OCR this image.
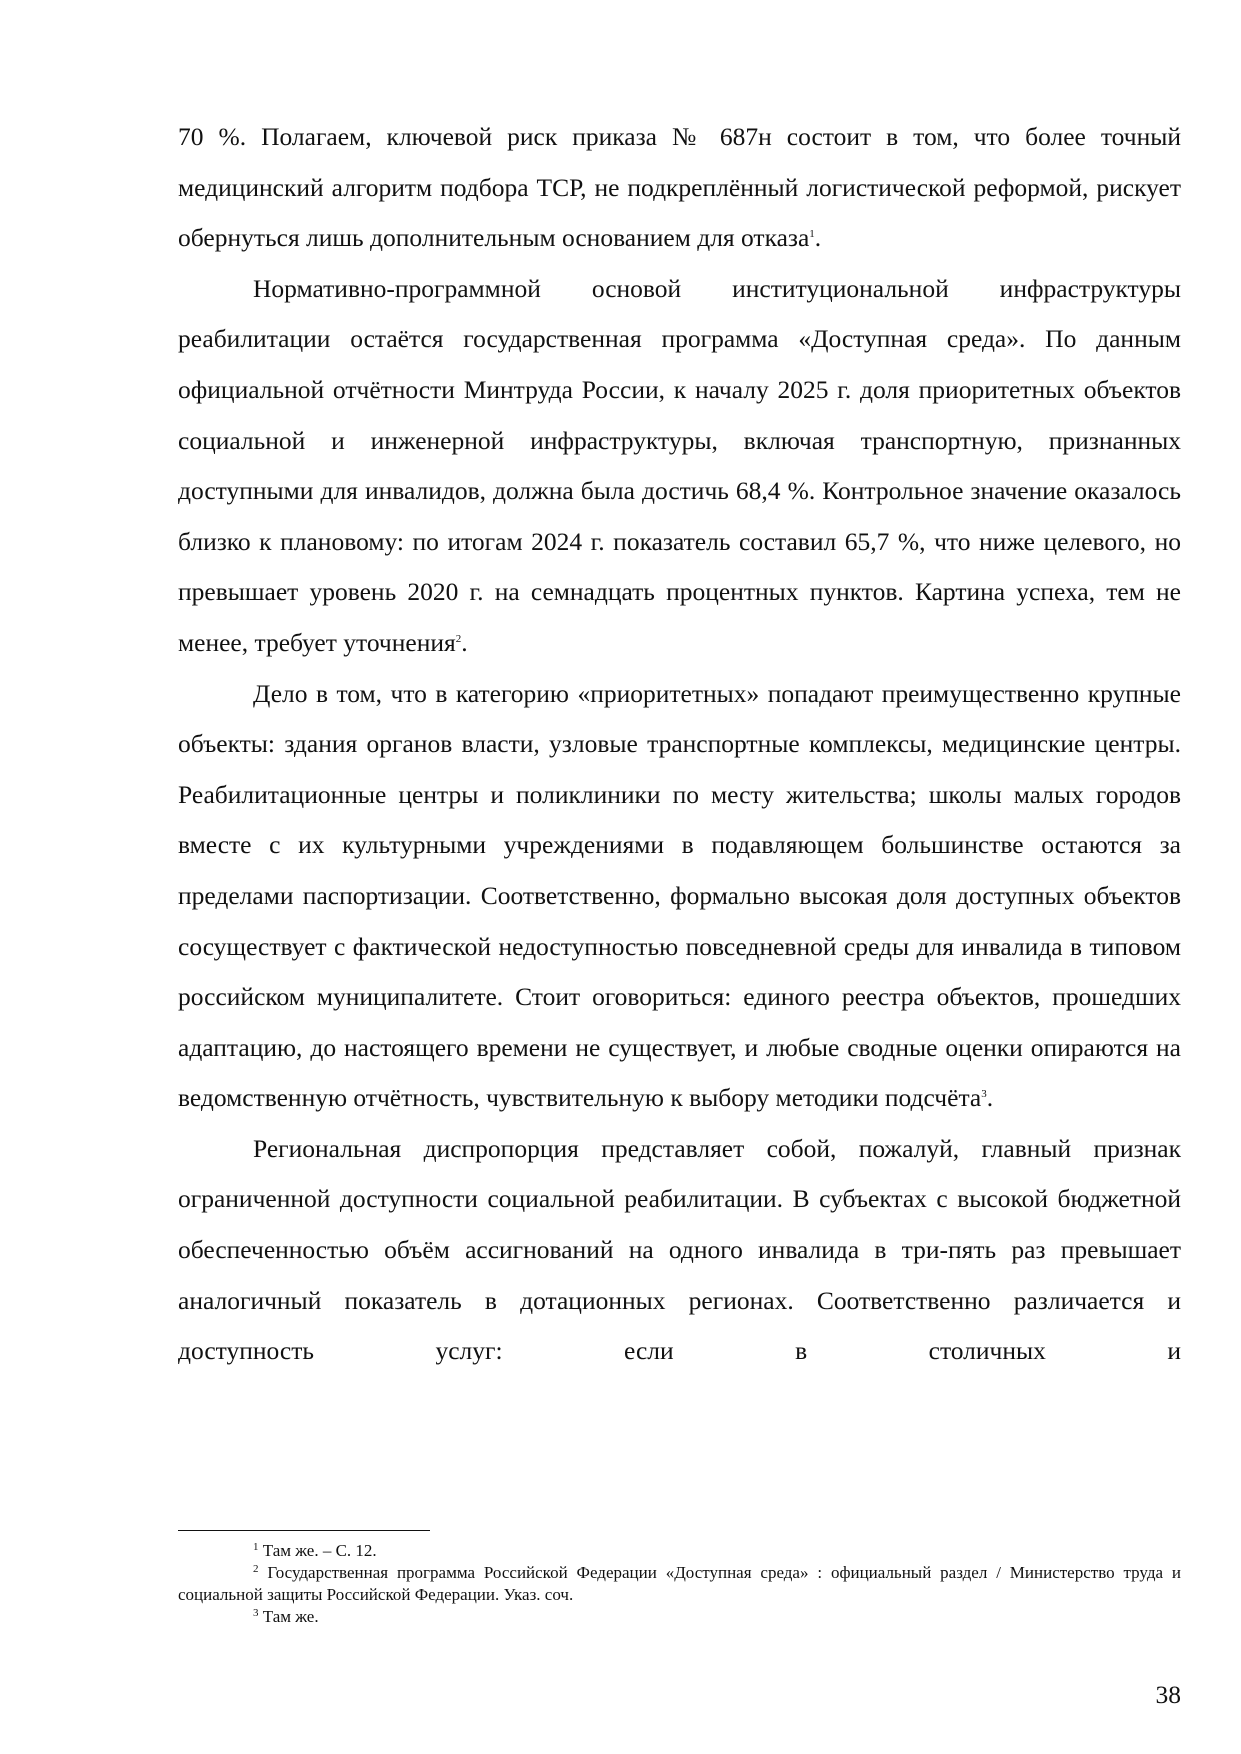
70 %. Полагаем, ключевой риск приказа № 687н состоит в том, что более точный медицинский алгоритм подбора ТСР, не подкреплённый логистической реформой, рискует обернуться лишь дополнительным основанием для отказа$^1$.

Нормативно-программной основой институциональной инфраструктуры реабилитации остаётся государственная программа «Доступная среда». По данным официальной отчётности Минтруда России, к началу 2025 г. доля приоритетных объектов социальной и инженерной инфраструктуры, включая транспортную, признанных доступными для инвалидов, должна была достичь 68,4 %. Контрольное значение оказалось близко к плановому: по итогам 2024 г. показатель составил 65,7 %, что ниже целевого, но превышает уровень 2020 г. на семнадцать процентных пунктов. Картина успеха, тем не менее, требует уточнения$^2$.

Дело в том, что в категорию «приоритетных» попадают преимущественно крупные объекты: здания органов власти, узловые транспортные комплексы, медицинские центры. Реабилитационные центры и поликлиники по месту жительства; школы малых городов вместе с их культурными учреждениями в подавляющем большинстве остаются за пределами паспортизации. Соответственно, формально высокая доля доступных объектов сосуществует с фактической недоступностью повседневной среды для инвалида в типовом российском муниципалитете. Стоит оговориться: единого реестра объектов, прошедших адаптацию, до настоящего времени не существует, и любые сводные оценки опираются на ведомственную отчётность, чувствительную к выбору методики подсчёта$^3$.

Региональная диспропорция представляет собой, пожалуй, главный признак ограниченной доступности социальной реабилитации. В субъектах с высокой бюджетной обеспеченностью объём ассигнований на одного инвалида в три-пять раз превышает аналогичный показатель в дотационных регионах. Соответственно различается и доступность услуг: если в столичных и

$^1$ Там же. – С. 12.

$^2$ Государственная программа Российской Федерации «Доступная среда» : официальный раздел / Министерство труда и социальной защиты Российской Федерации. Указ. соч.

$^3$ Там же.

38
